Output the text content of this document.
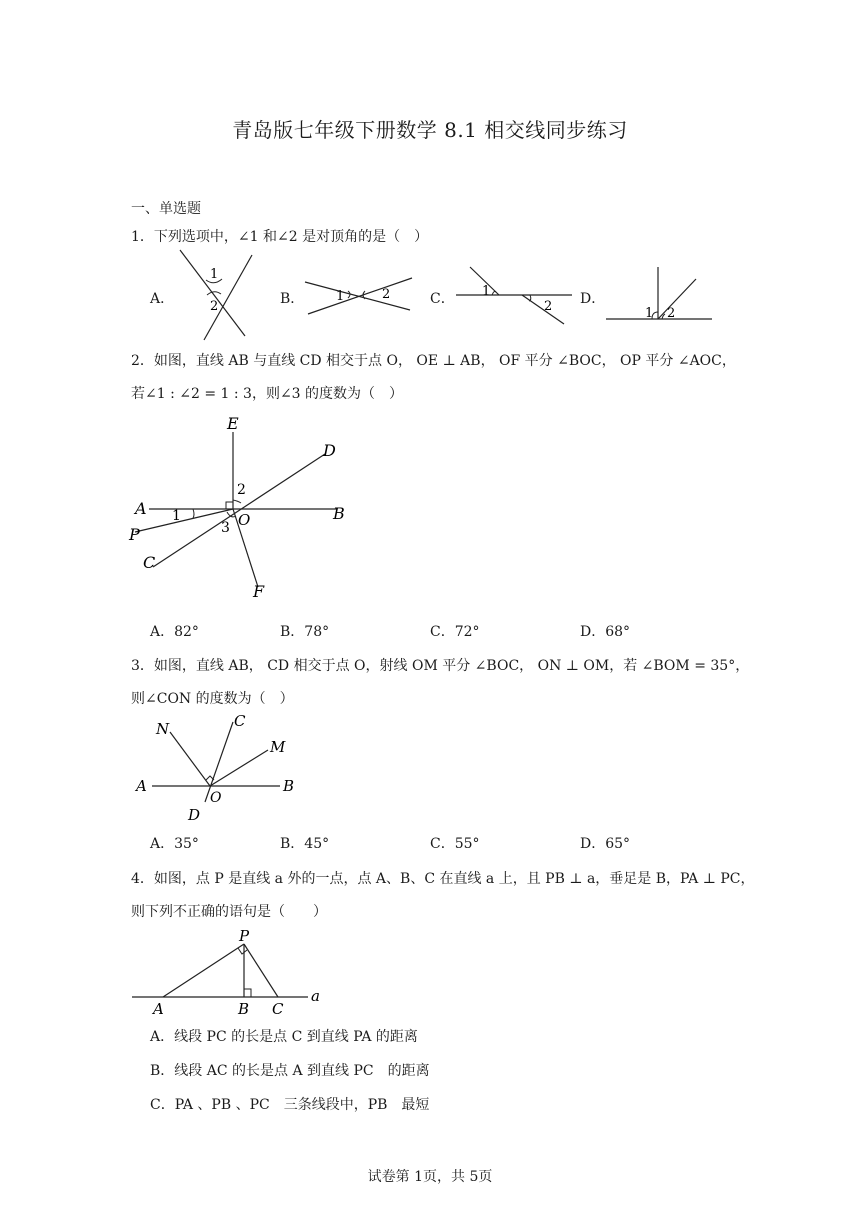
青岛版七年级下册数学 8.1 相交线同步练习
一、单选题
1．下列选项中，∠1 和∠2 是对顶角的是（　）
A．
1
2	B． 1	2	C． 1
2 D．
1 2
2．如图，直线 AB 与直线 CD 相交于点 O， OE ⊥ AB， OF 平分 ∠BOC， OP 平分 ∠AOC，
若∠1 : ∠2 = 1 : 3，则∠3 的度数为（　）
E
D
A	B
P
C
F
O
1
2
3
A．82°	B．78°	C．72°	D．68°
3．如图，直线 AB， CD 相交于点 O，射线 OM 平分 ∠BOC， ON ⊥ OM，若 ∠BOM = 35°，
则∠CON 的度数为（　）
N	C
M
A	B
O
D
A．35°	B．45°	C．55°	D．65°
4．如图，点 P 是直线 a 外的一点，点 A、B、C 在直线 a 上，且 PB ⊥ a，垂足是 B，PA ⊥ PC，
则下列不正确的语句是（　　）
P
A	B C
a
A．线段 PC 的长是点 C 到直线 PA 的距离
B．线段 AC 的长是点 A 到直线 PC　的距离
C．PA 、PB 、PC　三条线段中，PB　最短
试卷第 1页，共 5页
